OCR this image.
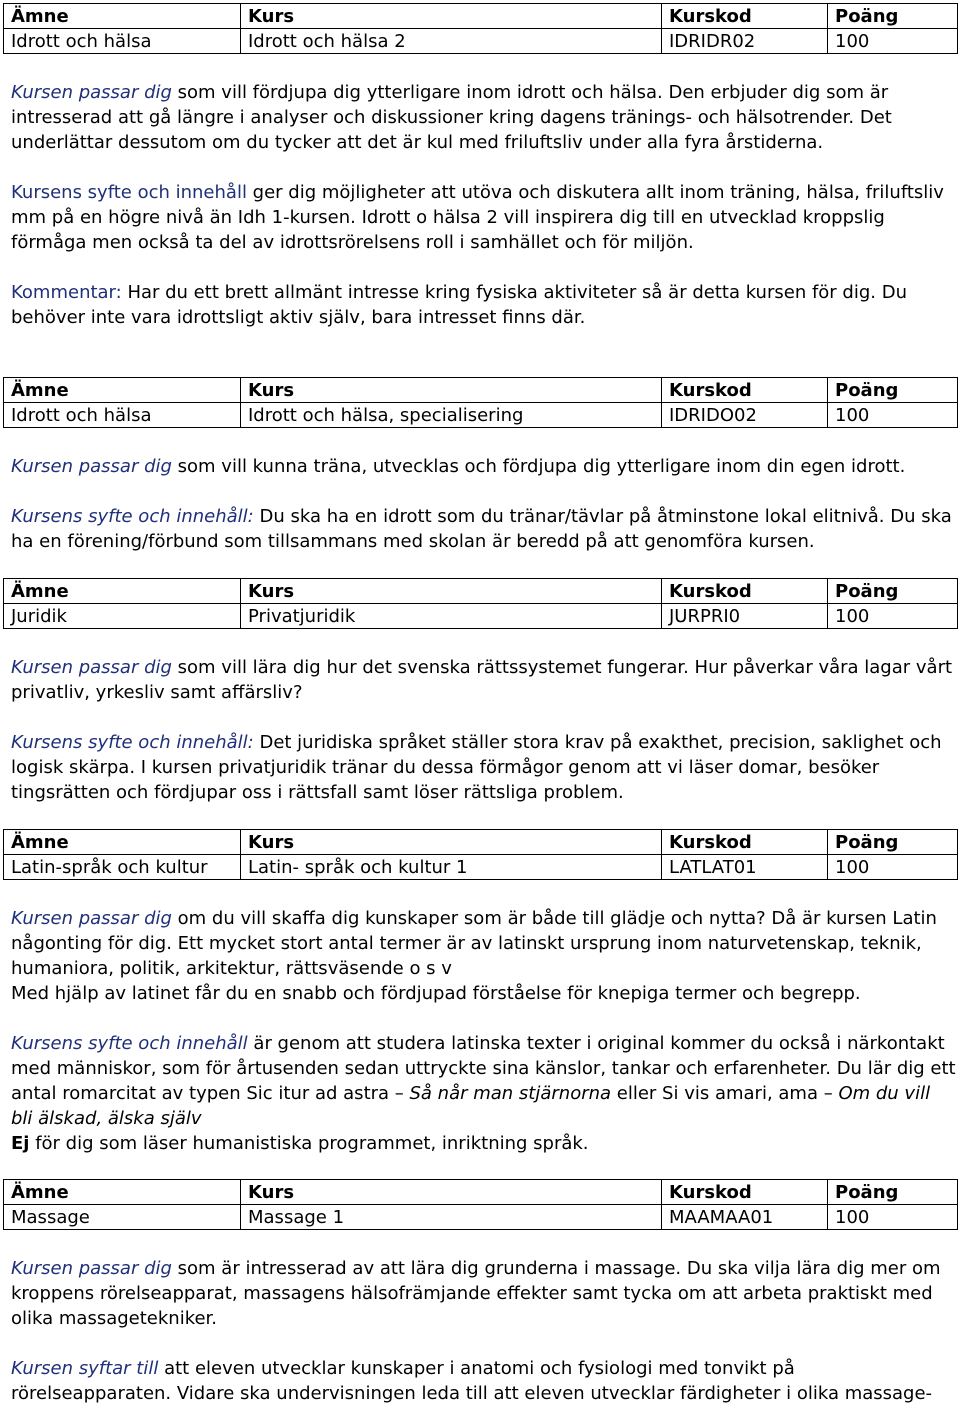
Ämne	Kurs	Kurskod	Poäng
Idrott och hälsa	Idrott och hälsa 2	IDRIDR02	100

Kursen passar dig som vill fördjupa dig ytterligare inom idrott och hälsa. Den erbjuder dig som är intresserad att gå längre i analyser och diskussioner kring dagens tränings- och hälsotrender. Det underlättar dessutom om du tycker att det är kul med friluftsliv under alla fyra årstiderna.

Kursens syfte och innehåll ger dig möjligheter att utöva och diskutera allt inom träning, hälsa, friluftsliv mm på en högre nivå än Idh 1-kursen. Idrott o hälsa 2 vill inspirera dig till en utvecklad kroppslig förmåga men också ta del av idrottsrörelsens roll i samhället och för miljön.

Kommentar: Har du ett brett allmänt intresse kring fysiska aktiviteter så är detta kursen för dig. Du behöver inte vara idrottsligt aktiv själv, bara intresset finns där.

Ämne	Kurs	Kurskod	Poäng
Idrott och hälsa	Idrott och hälsa, specialisering	IDRIDO02	100

Kursen passar dig som vill kunna träna, utvecklas och fördjupa dig ytterligare inom din egen idrott.

Kursens syfte och innehåll: Du ska ha en idrott som du tränar/tävlar på åtminstone lokal elitnivå. Du ska ha en förening/förbund som tillsammans med skolan är beredd på att genomföra kursen.

Ämne	Kurs	Kurskod	Poäng
Juridik	Privatjuridik	JURPRI0	100

Kursen passar dig som vill lära dig hur det svenska rättssystemet fungerar. Hur påverkar våra lagar vårt privatliv, yrkesliv samt affärsliv?

Kursens syfte och innehåll: Det juridiska språket ställer stora krav på exakthet, precision, saklighet och logisk skärpa. I kursen privatjuridik tränar du dessa förmågor genom att vi läser domar, besöker tingsrätten och fördjupar oss i rättsfall samt löser rättsliga problem.

Ämne	Kurs	Kurskod	Poäng
Latin-språk och kultur	Latin- språk och kultur 1	LATLAT01	100

Kursen passar dig om du vill skaffa dig kunskaper som är både till glädje och nytta? Då är kursen Latin någonting för dig. Ett mycket stort antal termer är av latinskt ursprung inom naturvetenskap, teknik, humaniora, politik, arkitektur, rättsväsende o s v
Med hjälp av latinet får du en snabb och fördjupad förståelse för knepiga termer och begrepp.

Kursens syfte och innehåll är genom att studera latinska texter i original kommer du också i närkontakt med människor, som för årtusenden sedan uttryckte sina känslor, tankar och erfarenheter. Du lär dig ett antal romarcitat av typen Sic itur ad astra – Så når man stjärnorna eller Si vis amari, ama – Om du vill bli älskad, älska själv
Ej för dig som läser humanistiska programmet, inriktning språk.

Ämne	Kurs	Kurskod	Poäng
Massage	Massage 1	MAAMAA01	100

Kursen passar dig som är intresserad av att lära dig grunderna i massage. Du ska vilja lära dig mer om kroppens rörelseapparat, massagens hälsofrämjande effekter samt tycka om att arbeta praktiskt med olika massagetekniker.

Kursen syftar till att eleven utvecklar kunskaper i anatomi och fysiologi med tonvikt på rörelseapparaten. Vidare ska undervisningen leda till att eleven utvecklar färdigheter i olika massage-
